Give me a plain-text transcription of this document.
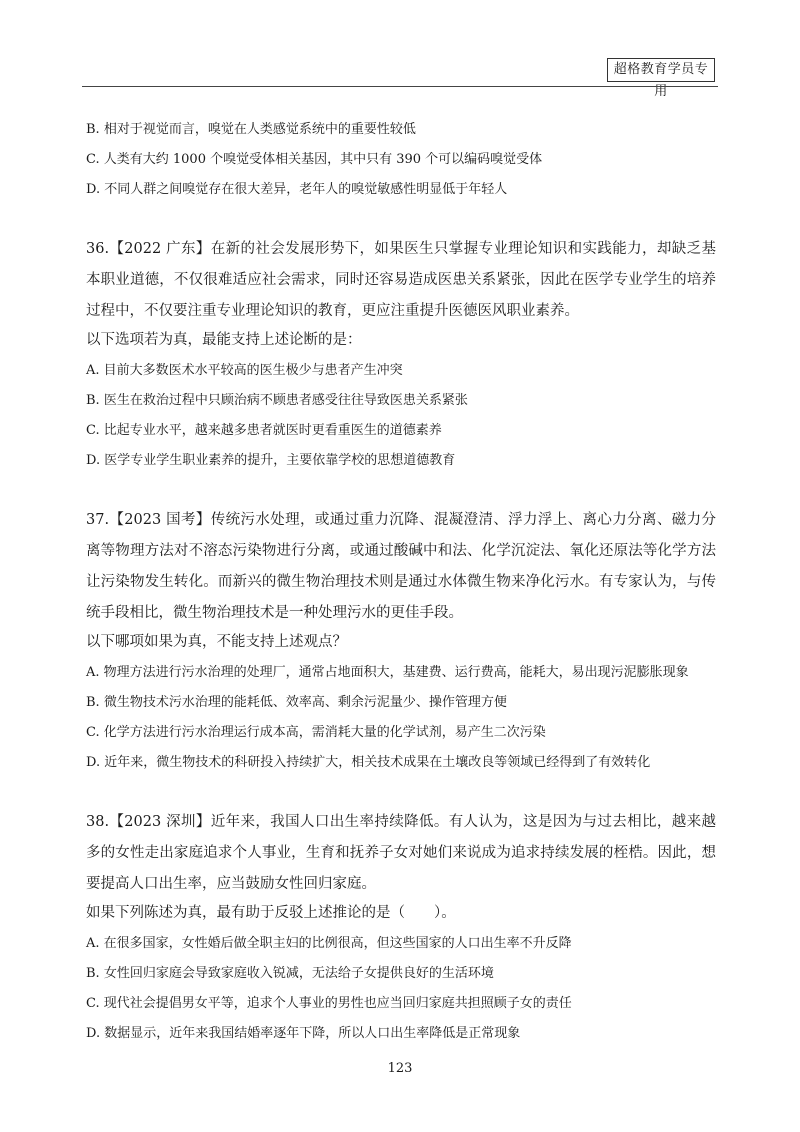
超格教育学员专用

B. 相对于视觉而言，嗅觉在人类感觉系统中的重要性较低

C. 人类有大约 1000 个嗅觉受体相关基因，其中只有 390 个可以编码嗅觉受体

D. 不同人群之间嗅觉存在很大差异，老年人的嗅觉敏感性明显低于年轻人

36.【2022 广东】在新的社会发展形势下，如果医生只掌握专业理论知识和实践能力，却缺乏基本职业道德，不仅很难适应社会需求，同时还容易造成医患关系紧张，因此在医学专业学生的培养过程中，不仅要注重专业理论知识的教育，更应注重提升医德医风职业素养。

以下选项若为真，最能支持上述论断的是：

A. 目前大多数医术水平较高的医生极少与患者产生冲突

B. 医生在救治过程中只顾治病不顾患者感受往往导致医患关系紧张

C. 比起专业水平，越来越多患者就医时更看重医生的道德素养

D. 医学专业学生职业素养的提升，主要依靠学校的思想道德教育

37.【2023 国考】传统污水处理，或通过重力沉降、混凝澄清、浮力浮上、离心力分离、磁力分离等物理方法对不溶态污染物进行分离，或通过酸碱中和法、化学沉淀法、氧化还原法等化学方法让污染物发生转化。而新兴的微生物治理技术则是通过水体微生物来净化污水。有专家认为，与传统手段相比，微生物治理技术是一种处理污水的更佳手段。

以下哪项如果为真，不能支持上述观点？

A. 物理方法进行污水治理的处理厂，通常占地面积大，基建费、运行费高，能耗大，易出现污泥膨胀现象

B. 微生物技术污水治理的能耗低、效率高、剩余污泥量少、操作管理方便

C. 化学方法进行污水治理运行成本高，需消耗大量的化学试剂，易产生二次污染

D. 近年来，微生物技术的科研投入持续扩大，相关技术成果在土壤改良等领域已经得到了有效转化

38.【2023 深圳】近年来，我国人口出生率持续降低。有人认为，这是因为与过去相比，越来越多的女性走出家庭追求个人事业，生育和抚养子女对她们来说成为追求持续发展的桎梏。因此，想要提高人口出生率，应当鼓励女性回归家庭。

如果下列陈述为真，最有助于反驳上述推论的是（　　）。

A. 在很多国家，女性婚后做全职主妇的比例很高，但这些国家的人口出生率不升反降

B. 女性回归家庭会导致家庭收入锐减，无法给子女提供良好的生活环境

C. 现代社会提倡男女平等，追求个人事业的男性也应当回归家庭共担照顾子女的责任

D. 数据显示，近年来我国结婚率逐年下降，所以人口出生率降低是正常现象

123
